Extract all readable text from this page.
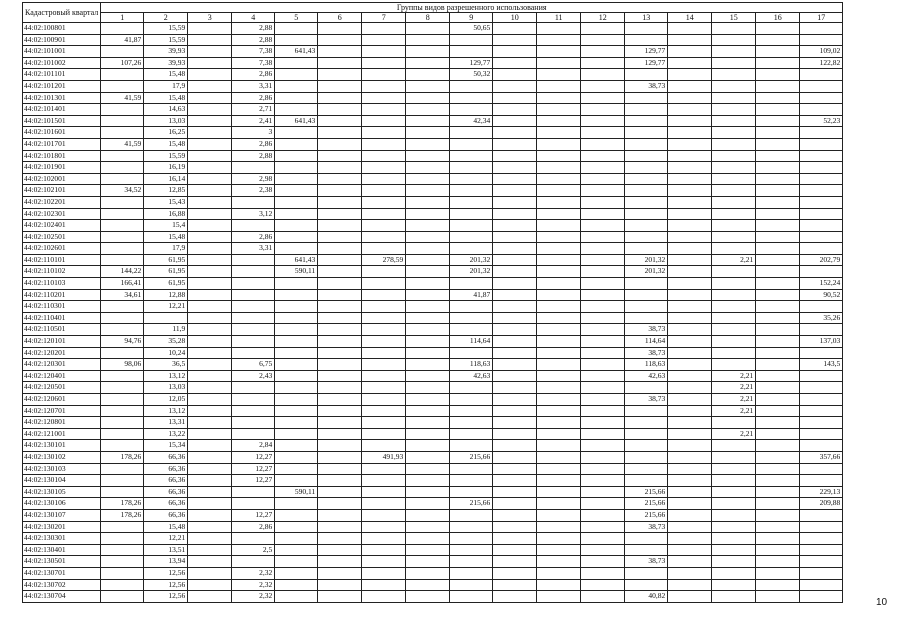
Кадастровый квартал	Группы видов разрешенного использования																
	1	2	3	4	5	6	7	8	9	10	11	12	13	14	15	16	17
44:02:100801		15,59		2,88					50,65								
44:02:100901	41,87	15,59		2,88													
44:02:101001		39,93		7,38	641,43								129,77				109,02
44:02:101002	107,26	39,93		7,38					129,77				129,77				122,82
44:02:101101		15,48		2,86					50,32								
44:02:101201		17,9		3,31									38,73				
44:02:101301	41,59	15,48		2,86													
44:02:101401		14,63		2,71													
44:02:101501		13,03		2,41	641,43				42,34								52,23
44:02:101601		16,25		3													
44:02:101701	41,59	15,48		2,86													
44:02:101801		15,59		2,88													
44:02:101901		16,19															
44:02:102001		16,14		2,98													
44:02:102101	34,52	12,85		2,38													
44:02:102201		15,43															
44:02:102301		16,88		3,12													
44:02:102401		15,4															
44:02:102501		15,48		2,86													
44:02:102601		17,9		3,31													
44:02:110101		61,95			641,43		278,59		201,32				201,32		2,21		202,79
44:02:110102	144,22	61,95			590,11				201,32				201,32				
44:02:110103	166,41	61,95															152,24
44:02:110201	34,61	12,88							41,87								90,52
44:02:110301		12,21															
44:02:110401																	35,26
44:02:110501		11,9											38,73				
44:02:120101	94,76	35,28							114,64				114,64				137,03
44:02:120201		10,24											38,73				
44:02:120301	98,06	36,5		6,75					118,63				118,63				143,5
44:02:120401		13,12		2,43					42,63				42,63		2,21		
44:02:120501		13,03													2,21		
44:02:120601		12,05											38,73		2,21		
44:02:120701		13,12													2,21		
44:02:120801		13,31															
44:02:121001		13,22													2,21		
44:02:130101		15,34		2,84													
44:02:130102	178,26	66,36		12,27			491,93		215,66								357,66
44:02:130103		66,36		12,27													
44:02:130104		66,36		12,27													
44:02:130105		66,36			590,11								215,66				229,13
44:02:130106	178,26	66,36							215,66				215,66				209,88
44:02:130107	178,26	66,36		12,27									215,66				
44:02:130201		15,48		2,86									38,73				
44:02:130301		12,21															
44:02:130401		13,51		2,5													
44:02:130501		13,94											38,73				
44:02:130701		12,56		2,32													
44:02:130702		12,56		2,32													
44:02:130704		12,56		2,32									40,82				
10
